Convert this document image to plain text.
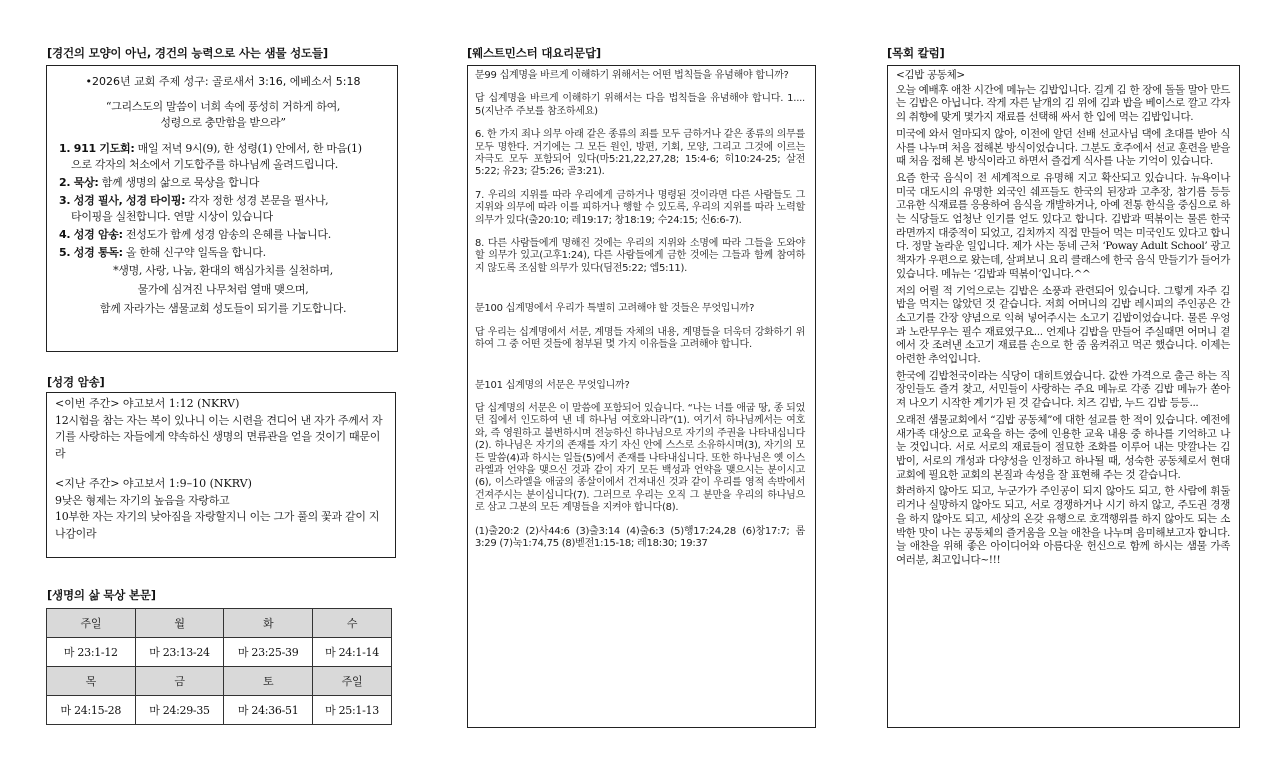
[경건의 모양이 아닌, 경건의 능력으로 사는 샘물 성도들]
•2026년 교회 주제 성구: 골로새서 3:16, 에베소서 5:18
“그리스도의 말씀이 너희 속에 풍성히 거하게 하여,
성령으로 충만함을 받으라”
1. 911 기도회: 매일 저녁 9시(9), 한 성령(1) 안에서, 한 마음(1)
으로 각자의 처소에서 기도합주를 하나님께 올려드립니다.
2. 묵상: 함께 생명의 삶으로 묵상을 합니다
3. 성경 필사, 성경 타이핑: 각자 정한 성경 본문을 필사나,
타이핑을 실천합니다. 연말 시상이 있습니다
4. 성경 암송: 전성도가 함께 성경 암송의 은혜를 나눕니다.
5. 성경 통독: 올 한해 신구약 일독을 합니다.
*생명, 사랑, 나눔, 환대의 핵심가치를 실천하며,
물가에 심겨진 나무처럼 열매 맺으며,
함께 자라가는 샘물교회 성도들이 되기를 기도합니다.
[성경 암송]
<이번 주간> 야고보서 1:12 (NKRV)
12시험을 참는 자는 복이 있나니 이는 시련을 견디어 낸 자가 주께서 자기를 사랑하는 자들에게 약속하신 생명의 면류관을 얻을 것이기 때문이라
<지난 주간> 야고보서 1:9–10 (NKRV)
9낮은 형제는 자기의 높음을 자랑하고
10부한 자는 자기의 낮아짐을 자랑할지니 이는 그가 풀의 꽃과 같이 지나감이라
[생명의 삶 묵상 본문]
주일	월	화	수
마 23:1-12	마 23:13-24	마 23:25-39	마 24:1-14
목	금	토	주일
마 24:15-28	마 24:29-35	마 24:36-51	마 25:1-13
[웨스트민스터 대요리문답]

문99 십계명을 바르게 이해하기 위해서는 어떤 법칙들을 유념해야 합니까?

답 십계명을 바르게 이해하기 위해서는 다음 법칙들을 유념해야 합니다. 1.... 5(지난주 주보를 참조하세요)

6. 한 가지 죄나 의무 아래 같은 종류의 죄를 모두 금하거나 같은 종류의 의무를 모두 명한다. 거기에는 그 모든 원인, 방편, 기회, 모양, 그리고 그것에 이르는 자극도 모두 포함되어 있다(마5:21,22,27,28; 15:4-6; 히10:24-25; 살전5:22; 유23; 갈5:26; 골3:21).

7. 우리의 지위를 따라 우리에게 금하거나 명령된 것이라면 다른 사람들도 그 지위와 의무에 따라 이를 피하거나 행할 수 있도록, 우리의 지위를 따라 노력할 의무가 있다(출20:10; 레19:17; 창18:19; 수24:15; 신6:6-7).

8. 다른 사람들에게 명해진 것에는 우리의 지위와 소명에 따라 그들을 도와야 할 의무가 있고(고후1:24), 다른 사람들에게 금한 것에는 그들과 함께 참여하지 않도록 조심할 의무가 있다(딤전5:22; 엡5:11).

문100 십계명에서 우리가 특별히 고려해야 할 것들은 무엇입니까?

답 우리는 십계명에서 서문, 계명들 자체의 내용, 계명들을 더욱더 강화하기 위하여 그 중 어떤 것들에 첨부된 몇 가지 이유들을 고려해야 합니다.

문101 십계명의 서문은 무엇입니까?

답 십계명의 서문은 이 말씀에 포함되어 있습니다. “나는 너를 애굽 땅, 종 되었던 집에서 인도하여 낸 네 하나님 여호와니라”(1). 여기서 하나님께서는 여호와, 즉 영원하고 불변하시며 전능하신 하나님으로 자기의 주권을 나타내십니다(2). 하나님은 자기의 존재를 자기 자신 안에 스스로 소유하시며(3), 자기의 모든 말씀(4)과 하시는 일들(5)에서 존재를 나타내십니다. 또한 하나님은 옛 이스라엘과 언약을 맺으신 것과 같이 자기 모든 백성과 언약을 맺으시는 분이시고(6), 이스라엘을 애굽의 종살이에서 건져내신 것과 같이 우리를 영적 속박에서 건져주시는 분이십니다(7). 그러므로 우리는 오직 그 분만을 우리의 하나님으로 삼고 그분의 모든 계명들을 지켜야 합니다(8).

(1)출20:2 (2)사44:6 (3)출3:14 (4)출6:3 (5)행17:24,28 (6)창17:7; 롬3:29 (7)눅1:74,75 (8)벧전1:15-18; 레18:30; 19:37

[목회 칼럼]

<김밥 공동체>

오늘 예배후 애찬 시간에 메뉴는 김밥입니다. 길게 김 한 장에 돌돌 말아 만드는 김밥은 아닙니다. 작게 자른 낱개의 김 위에 김과 밥을 베이스로 깔고 각자의 취향에 맞게 몇가지 재료를 선택해 싸서 한 입에 먹는 김밥입니다.

미국에 와서 얼마되지 않아, 이전에 알던 선배 선교사님 댁에 초대를 받아 식사를 나누며 처음 접해본 방식이었습니다. 그분도 호주에서 선교 훈련을 받을 때 처음 접해 본 방식이라고 하면서 즐겁게 식사를 나눈 기억이 있습니다.

요즘 한국 음식이 전 세계적으로 유명해 지고 확산되고 있습니다. 뉴욕이나 미국 대도시의 유명한 외국인 쉐프들도 한국의 된장과 고추장, 참기름 등등 고유한 식재료를 응용하여 음식을 개발하거나, 아예 전통 한식을 중심으로 하는 식당들도 엄청난 인기를 얻도 있다고 합니다. 김밥과 떡볶이는 물론 한국 라면까지 대중적이 되었고, 김치까지 직접 만들어 먹는 미국인도 있다고 합니다. 정말 놀라운 일입니다. 제가 사는 동네 근처 ‘Poway Adult School’ 광고 책자가 우편으로 왔는데, 살펴보니 요리 클래스에 한국 음식 만들기가 들어가 있습니다. 메뉴는 ‘김밥과 떡볶이’입니다.^^

저의 어릴 적 기억으로는 김밥은 소풍과 관련되어 있습니다. 그렇게 자주 김밥을 먹지는 않았던 것 같습니다. 저희 어머니의 김밥 레시피의 주인공은 간 소고기를 간장 양념으로 익혀 넣어주시는 소고기 김밥이었습니다. 물론 우엉과 노란무우는 필수 재료였구요... 언제나 김밥을 만들어 주실때면 어머니 곁에서 갓 조려낸 소고기 재료를 손으로 한 줌 움켜쥐고 먹곤 했습니다. 이제는 아련한 추억입니다.

한국에 김밥천국이라는 식당이 대히트였습니다. 값싼 가격으로 출근 하는 직장인들도 즐겨 찾고, 서민들이 사랑하는 주요 메뉴로 각종 김밥 메뉴가 쏟아져 나오기 시작한 계기가 된 것 같습니다. 치즈 김밥, 누드 김밥 등등...

오래전 샘물교회에서 “김밥 공동체”에 대한 설교를 한 적이 있습니다. 예전에 새가족 대상으로 교육을 하는 중에 인용한 교육 내용 중 하나를 기억하고 나눈 것입니다. 서로 서로의 재료들이 절묘한 조화를 이루어 내는 맛깔나는 김밥이, 서로의 개성과 다양성을 인정하고 하나될 때, 성숙한 공동체로서 현대교회에 필요한 교회의 본질과 속성을 잘 표현해 주는 것 같습니다.

화려하지 않아도 되고, 누군가가 주인공이 되지 않아도 되고, 한 사람에 휘둘리거나 실망하지 않아도 되고, 서로 경쟁하거나 시기 하지 않고, 주도권 경쟁을 하지 않아도 되고, 세상의 온갖 유행으로 호객행위를 하지 않아도 되는 소박한 맛이 나는 공동체의 즐거움을 오늘 애찬을 나누며 음미해보고자 합니다. 늘 애찬을 위해 좋은 아이디어와 아름다운 헌신으로 함께 하시는 샘물 가족 여러분, 최고입니다~!!!
